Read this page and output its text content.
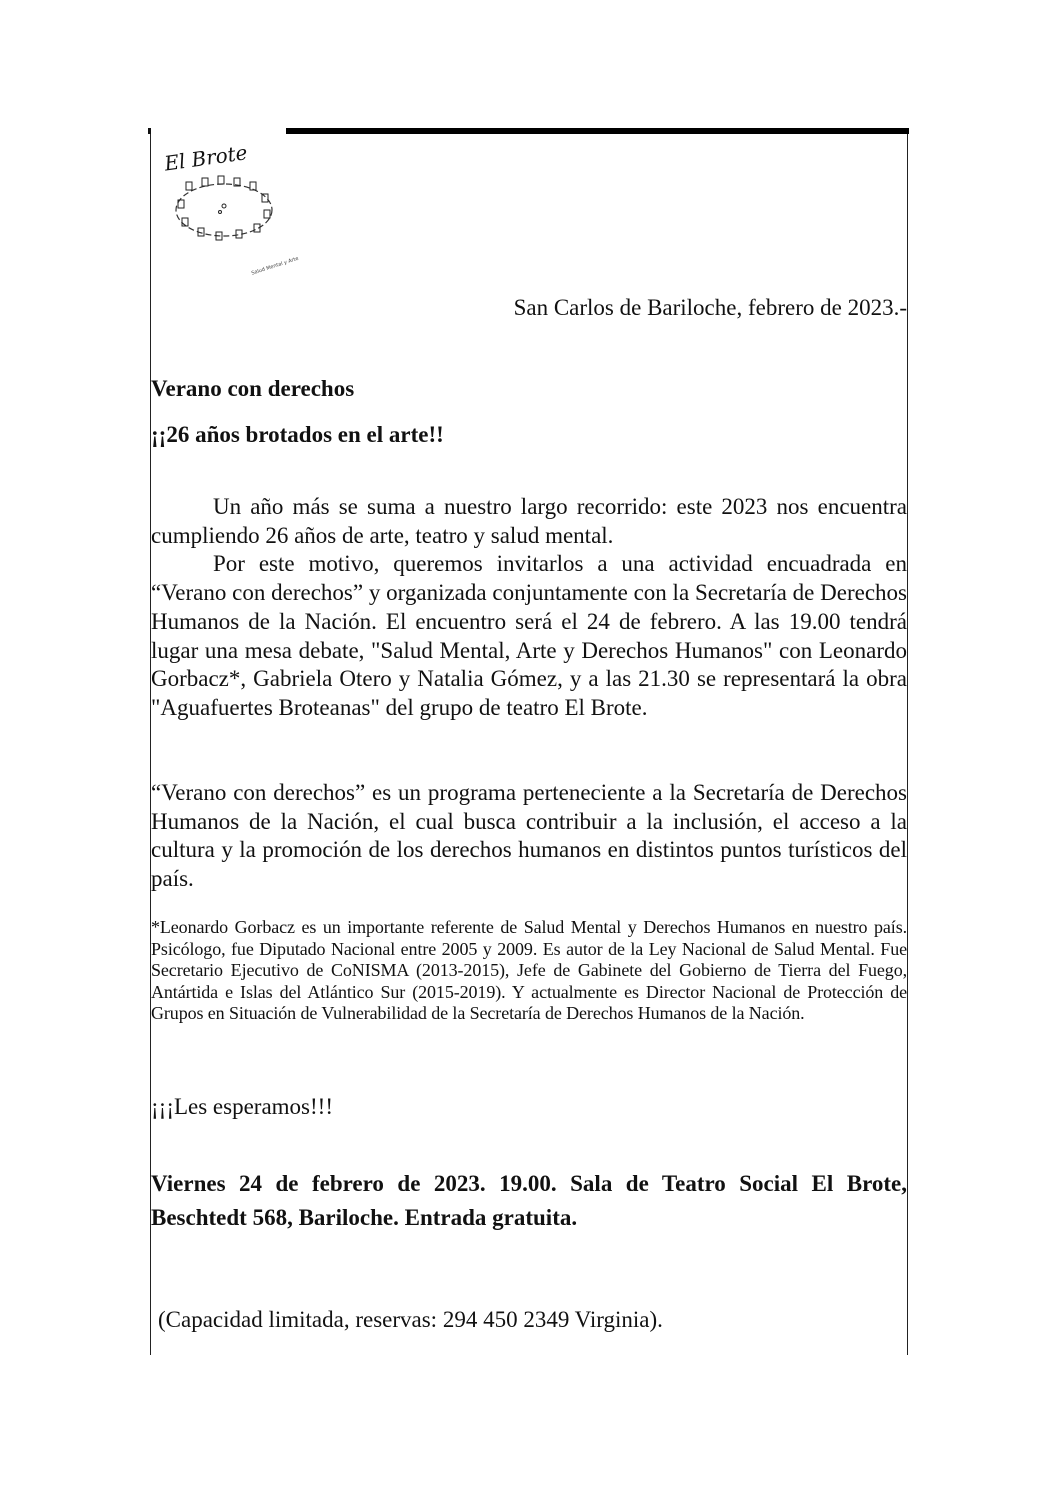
El Brote
Salud Mental y Arte
San Carlos de Bariloche, febrero de 2023.-
Verano con derechos
¡¡26 años brotados en el arte!!

Un año más se suma a nuestro largo recorrido: este 2023 nos encuentra cumpliendo 26 años de arte, teatro y salud mental.

Por este motivo, queremos invitarlos a una actividad encuadrada en “Verano con derechos” y organizada conjuntamente con la Secretaría de Derechos Humanos de la Nación. El encuentro será el 24 de febrero. A las 19.00 tendrá lugar una mesa debate, "Salud Mental, Arte y Derechos Humanos" con Leonardo Gorbacz*, Gabriela Otero y Natalia Gómez, y a las 21.30 se representará la obra "Aguafuertes Broteanas" del grupo de teatro El Brote.

“Verano con derechos” es un programa perteneciente a la Secretaría de Derechos Humanos de la Nación, el cual busca contribuir a la inclusión, el acceso a la cultura y la promoción de los derechos humanos en distintos puntos turísticos del país.
*Leonardo Gorbacz es un importante referente de Salud Mental y Derechos Humanos en nuestro país. Psicólogo, fue Diputado Nacional entre 2005 y 2009. Es autor de la Ley Nacional de Salud Mental. Fue Secretario Ejecutivo de CoNISMA (2013-2015), Jefe de Gabinete del Gobierno de Tierra del Fuego, Antártida e Islas del Atlántico Sur (2015-2019). Y actualmente es Director Nacional de Protección de Grupos en Situación de Vulnerabilidad de la Secretaría de Derechos Humanos de la Nación.
¡¡¡Les esperamos!!!
Viernes 24 de febrero de 2023. 19.00. Sala de Teatro Social El Brote, Beschtedt 568, Bariloche. Entrada gratuita.
(Capacidad limitada, reservas: 294 450 2349 Virginia).
